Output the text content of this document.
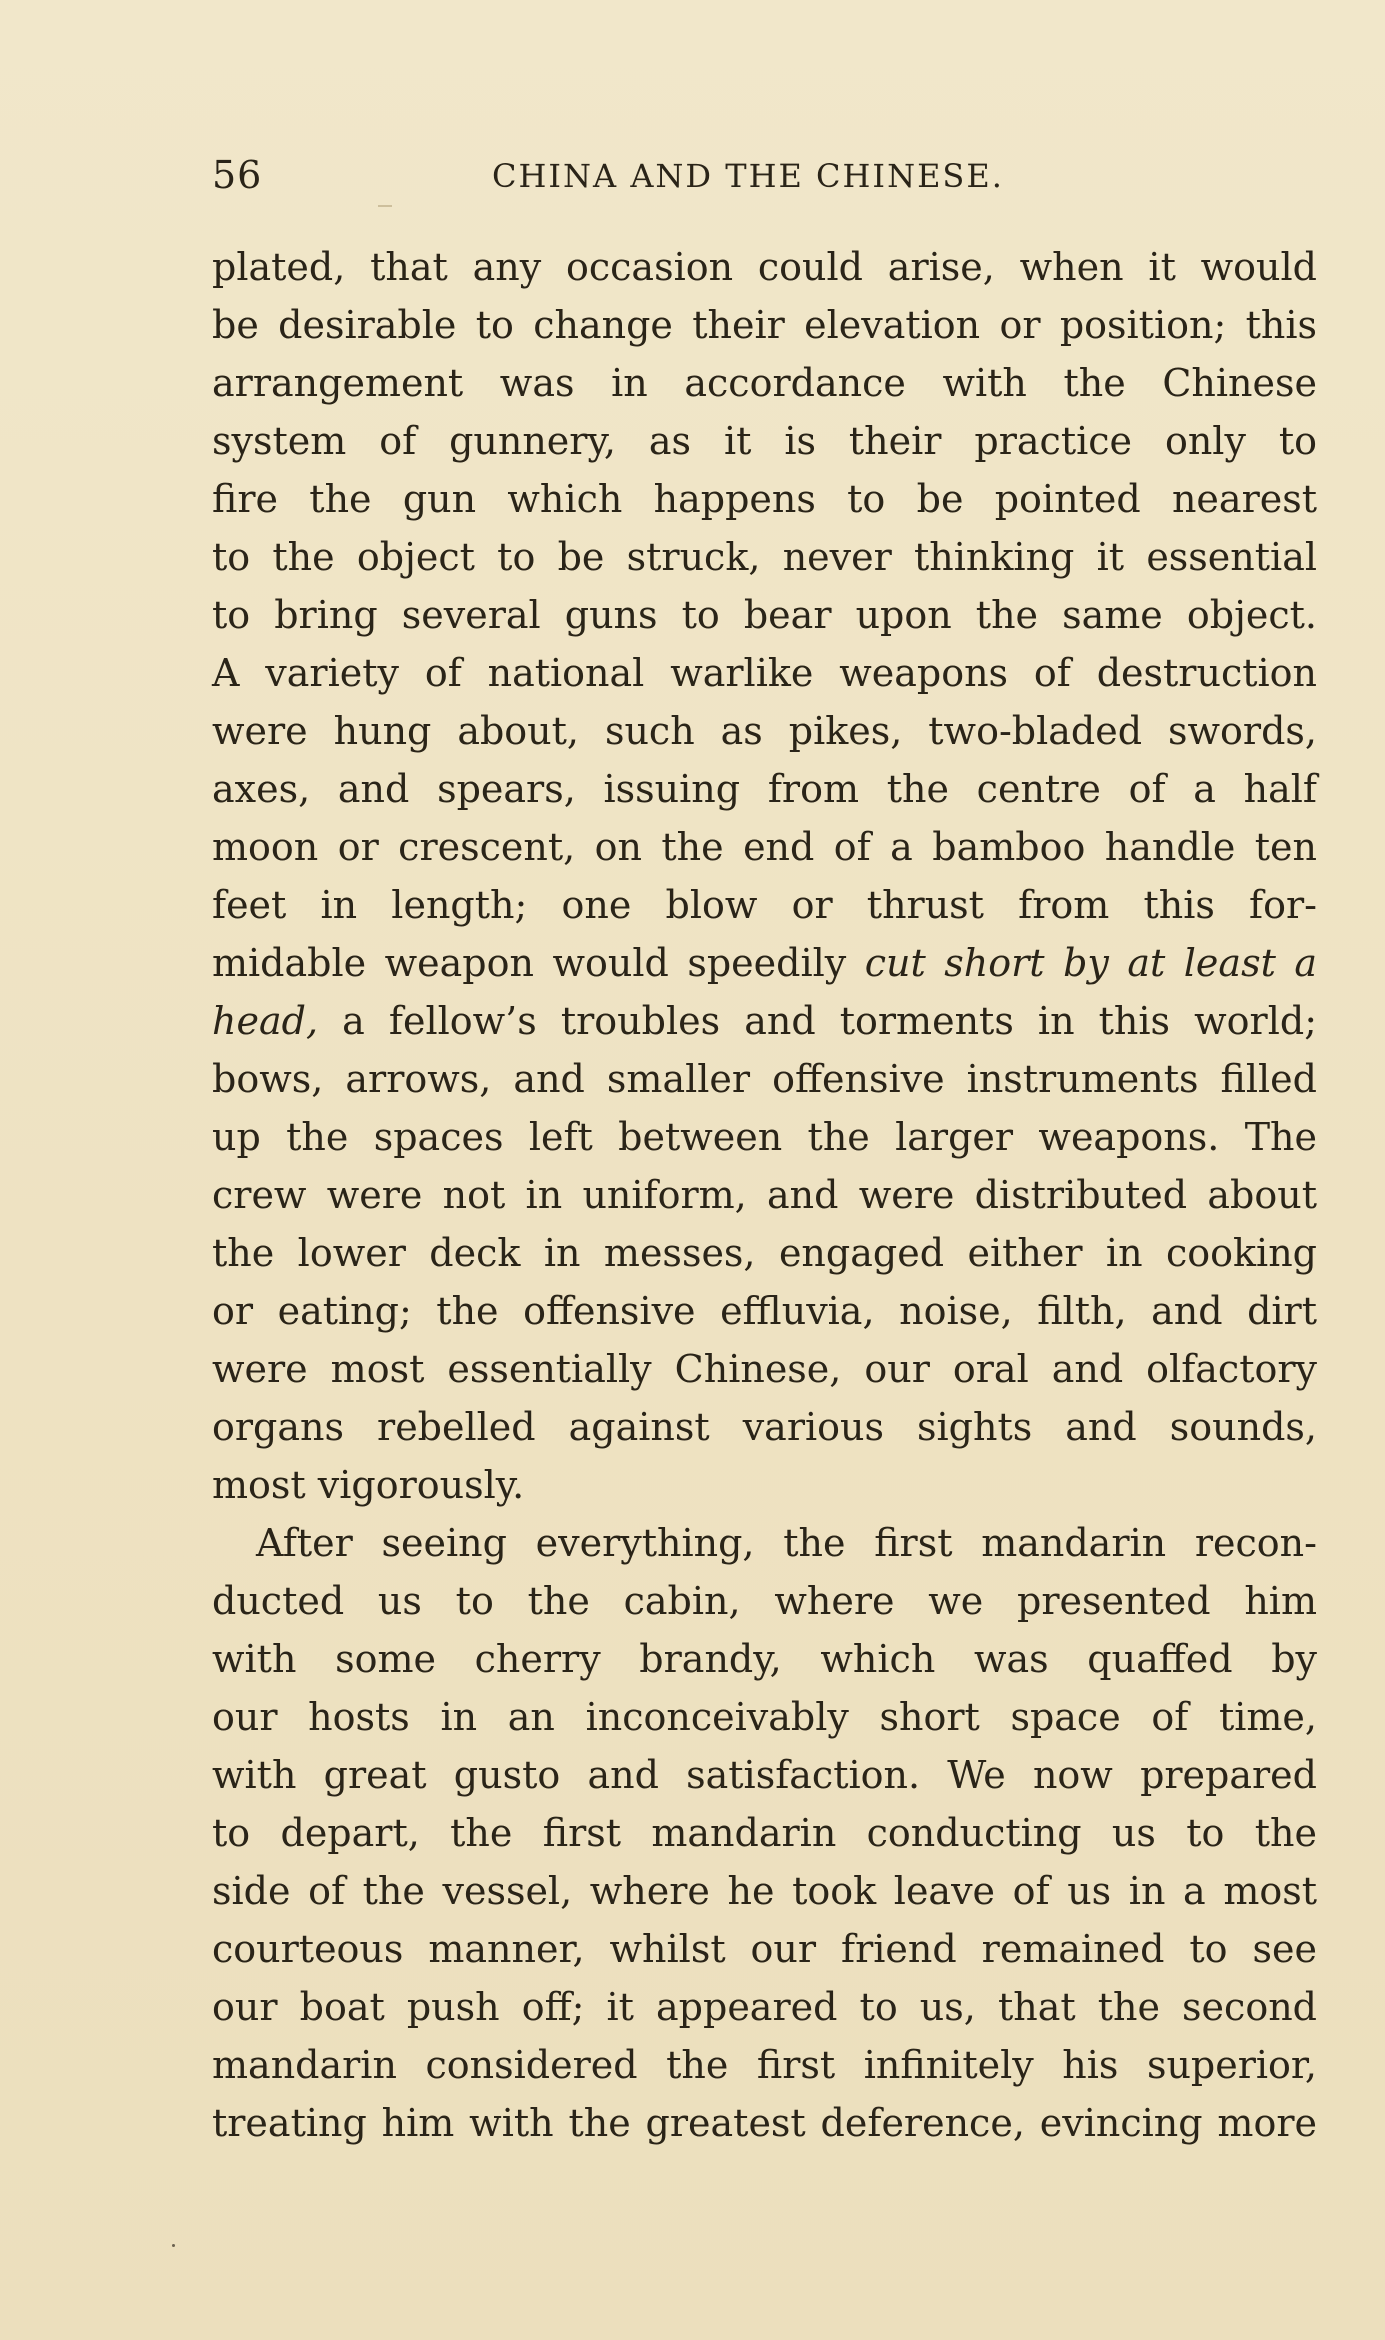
56	CHINA AND THE CHINESE.
plated, that any occasion could arise, when it would
be desirable to change their elevation or position; this
arrangement was in accordance with the Chinese
system of gunnery, as it is their practice only to
fire the gun which happens to be pointed nearest
to the object to be struck, never thinking it essential
to bring several guns to bear upon the same object.
A variety of national warlike weapons of destruction
were hung about, such as pikes, two-bladed swords,
axes, and spears, issuing from the centre of a half
moon or crescent, on the end of a bamboo handle ten
feet in length; one blow or thrust from this for-
midable weapon would speedily cut short by at least a
head, a fellow’s troubles and torments in this world;
bows, arrows, and smaller offensive instruments filled
up the spaces left between the larger weapons. The
crew were not in uniform, and were distributed about
the lower deck in messes, engaged either in cooking
or eating; the offensive effluvia, noise, filth, and dirt
were most essentially Chinese, our oral and olfactory
organs rebelled against various sights and sounds,
most vigorously.
After seeing everything, the first mandarin recon-
ducted us to the cabin, where we presented him
with some cherry brandy, which was quaffed by
our hosts in an inconceivably short space of time,
with great gusto and satisfaction. We now prepared
to depart, the first mandarin conducting us to the
side of the vessel, where he took leave of us in a most
courteous manner, whilst our friend remained to see
our boat push off; it appeared to us, that the second
mandarin considered the first infinitely his superior,
treating him with the greatest deference, evincing more
